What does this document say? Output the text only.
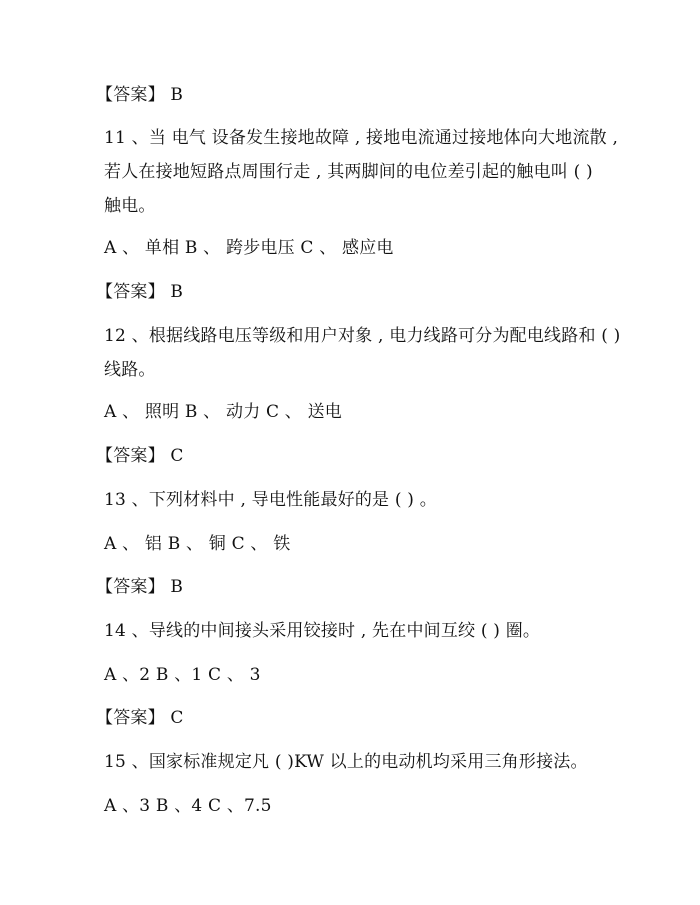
【答案】 B
11 、当 电气 设备发生接地故障 , 接地电流通过接地体向大地流散 ,
若人在接地短路点周围行走 , 其两脚间的电位差引起的触电叫 ( )
触电。
A 、 单相 B 、 跨步电压 C 、 感应电
【答案】 B
12 、根据线路电压等级和用户对象 , 电力线路可分为配电线路和 ( )
线路。
A 、 照明 B 、 动力 C 、 送电
【答案】 C
13 、下列材料中 , 导电性能最好的是 ( ) 。
A 、 铝 B 、 铜 C 、 铁
【答案】 B
14 、导线的中间接头采用铰接时 , 先在中间互绞 ( ) 圈。
A 、2 B 、1 C 、 3
【答案】 C
15 、国家标准规定凡 ( )KW 以上的电动机均采用三角形接法。
A 、3 B 、4 C 、7.5
